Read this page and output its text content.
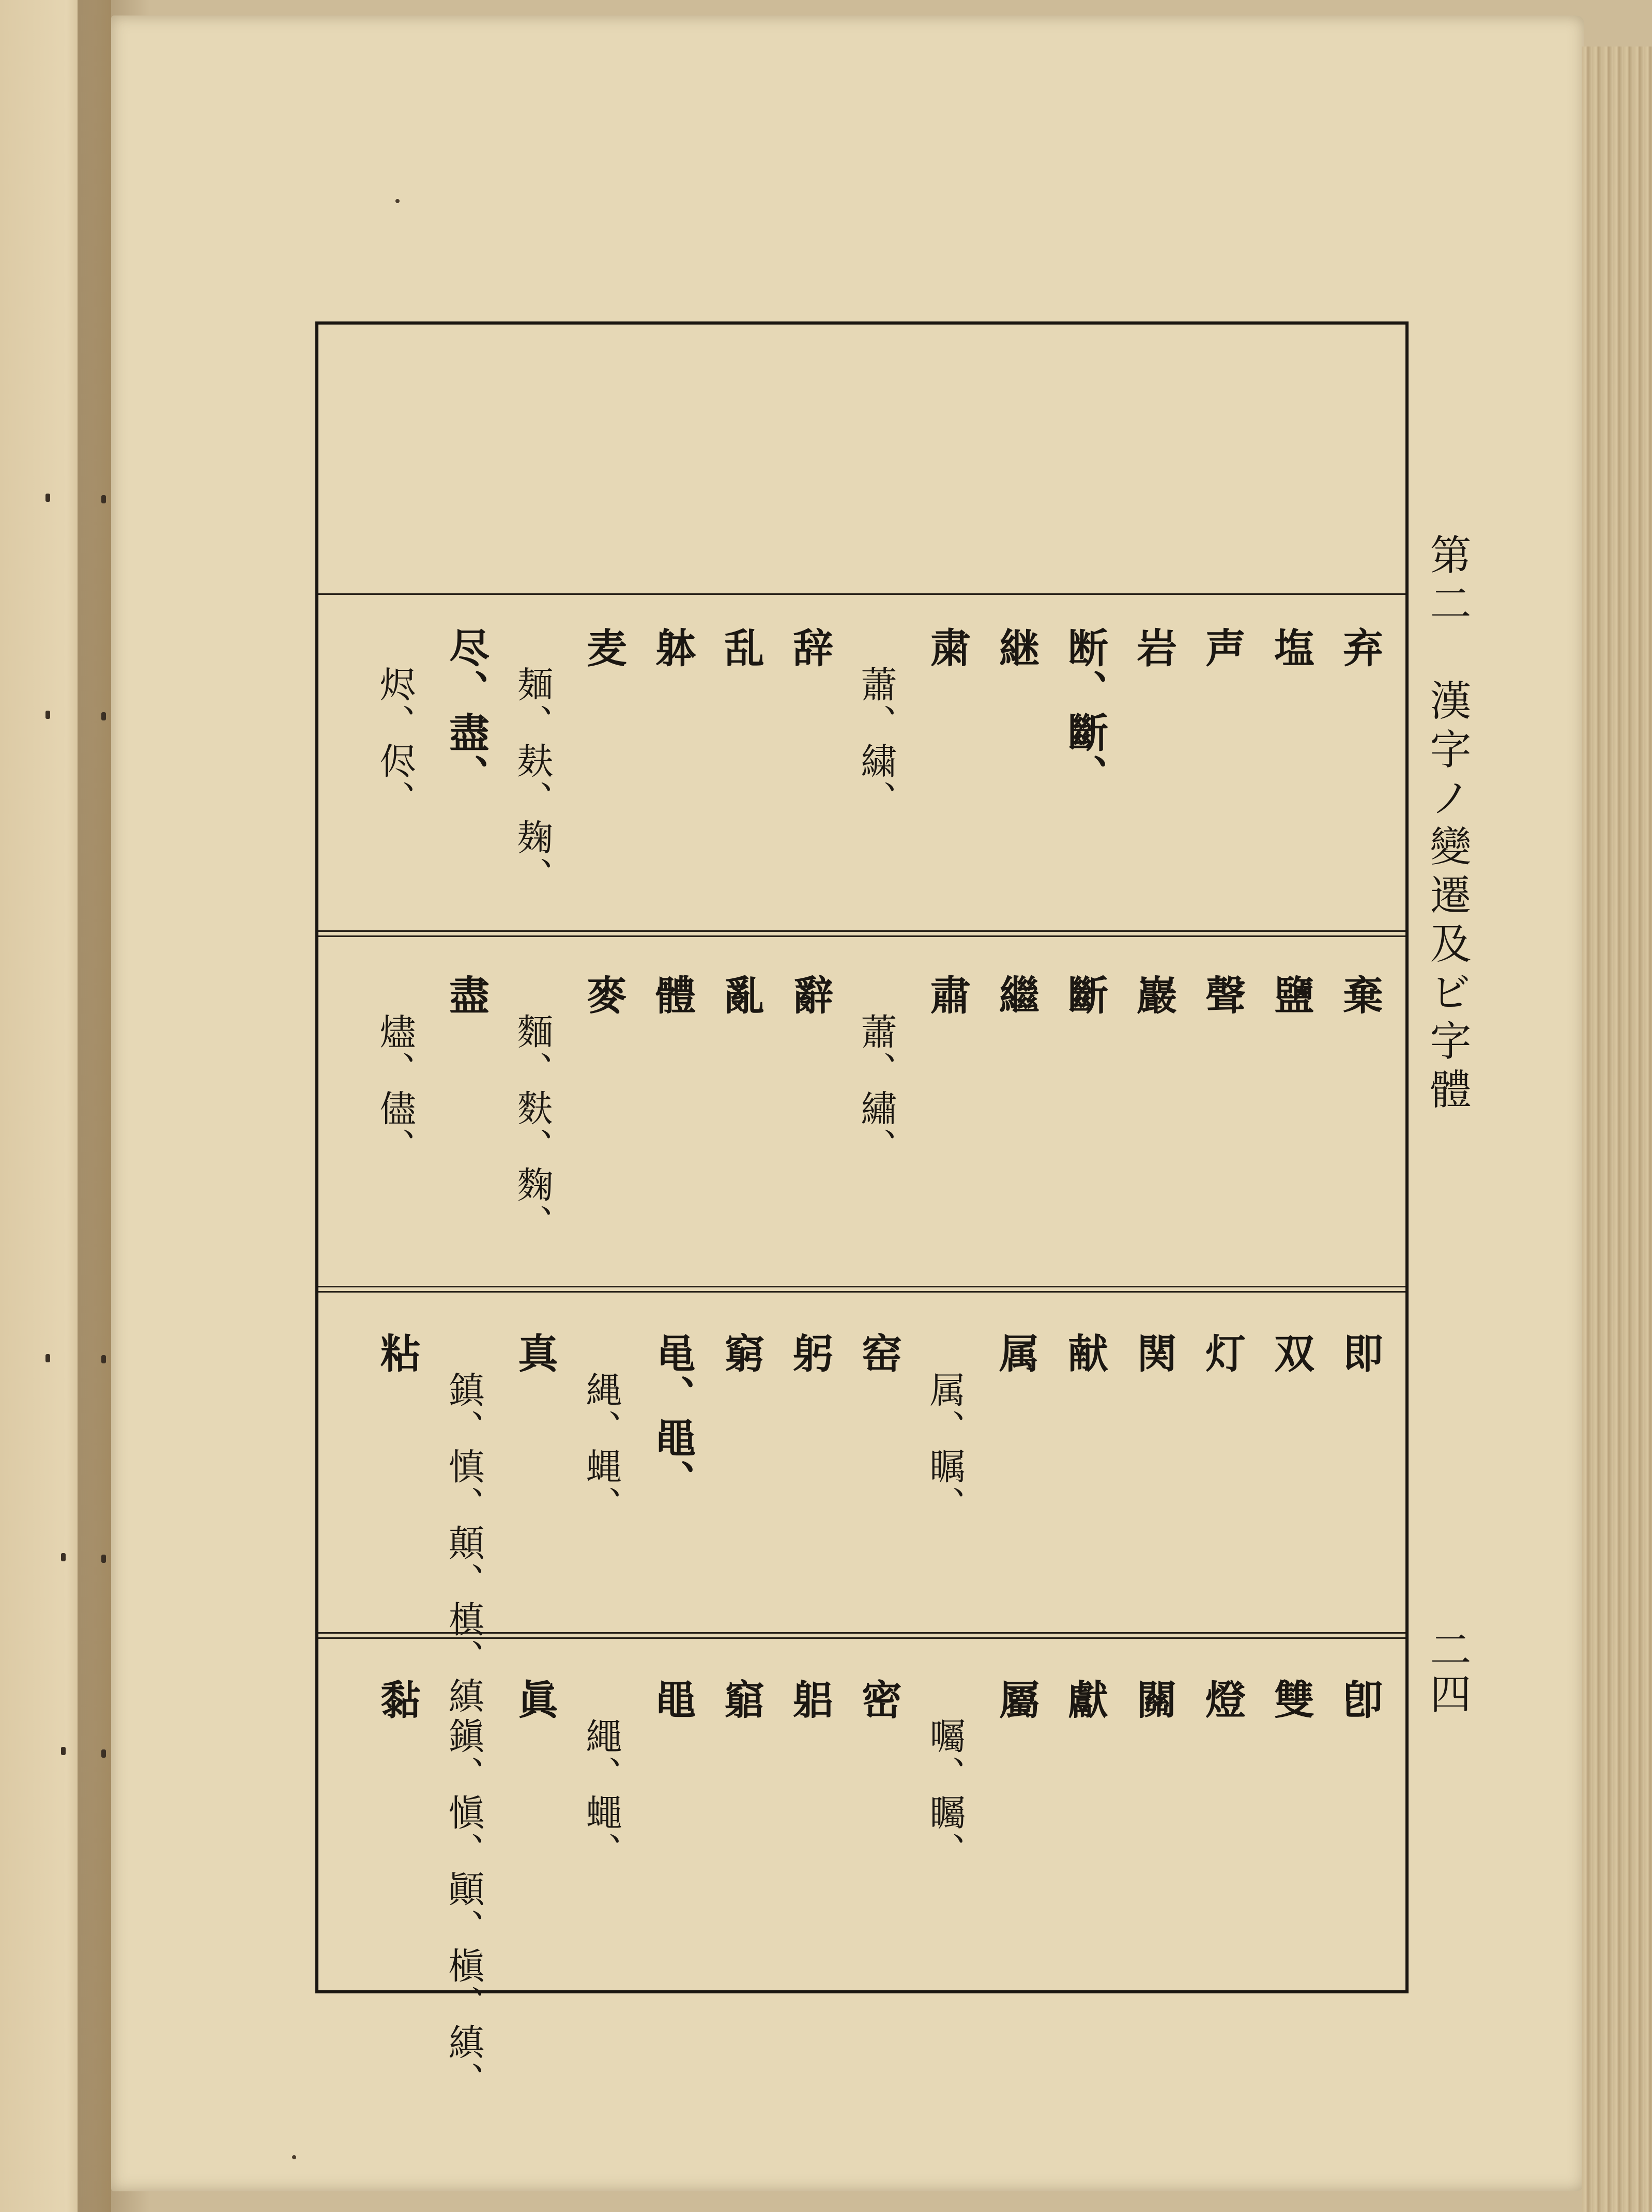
第二　漢字ノ變遷及ビ字體
二四
弃
塩
声
岩
断、斷、
継
粛
蕭、繍、
辞
乱
躰
麦
麺、麸、麹、
尽、盡、
烬、侭、
棄
鹽
聲
巖
斷
繼
肅
蕭、繡、
辭
亂
體
麥
麵、麩、麴、
盡
燼、儘、
即
双
灯
関
献
属
属、瞩、
窑
躬
窮
黾、黽、
縄、蝿、
真
鎮、慎、顛、槙、縝
粘
卽
雙
燈
關
獻
屬
囑、矚、
密
躳
竆
黽
繩、蠅、
眞
鎭、愼、顚、槇、縝、
黏
